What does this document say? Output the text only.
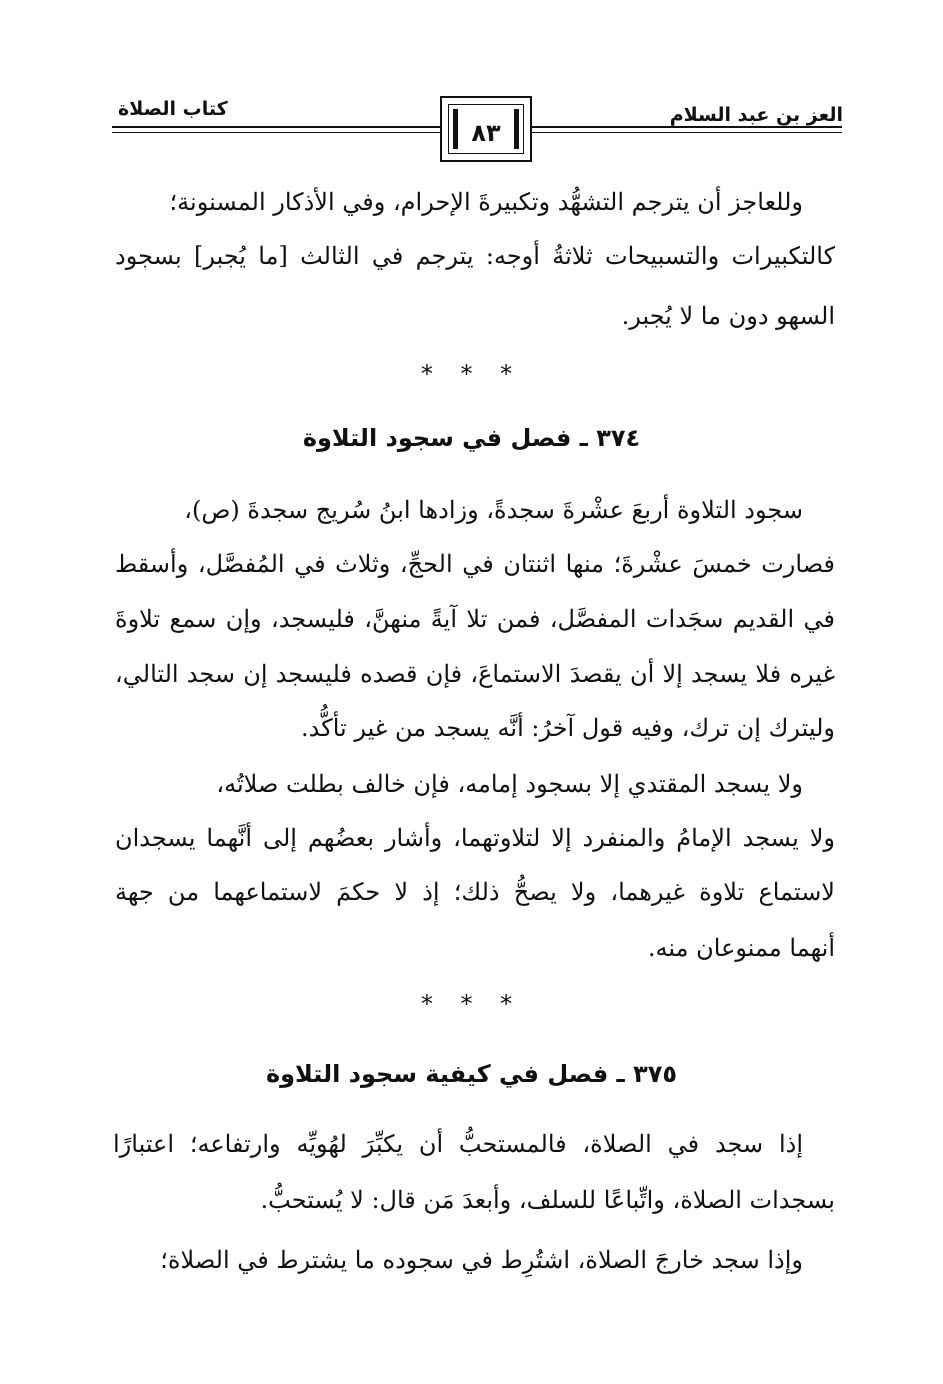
العز بن عبد السلام
كتاب الصلاة
٨٣
وللعاجز أن يترجم التشهُّد وتكبيرةَ الإحرام، وفي الأذكار المسنونة؛
كالتكبيرات والتسبيحات ثلاثةُ أوجه: يترجم في الثالث [ما يُجبر] بسجود
السهو دون ما لا يُجبر.
* * *
٣٧٤ ـ فصل في سجود التلاوة
سجود التلاوة أربعَ عشْرةَ سجدةً، وزادها ابنُ سُريج سجدةَ (ص)،
فصارت خمسَ عشْرةَ؛ منها اثنتان في الحجِّ، وثلاث في المُفصَّل، وأسقط
في القديم سجَدات المفصَّل، فمن تلا آيةً منهنَّ، فليسجد، وإن سمع تلاوةَ
غيره فلا يسجد إلا أن يقصدَ الاستماعَ، فإن قصده فليسجد إن سجد التالي،
وليترك إن ترك، وفيه قول آخرُ: أنَّه يسجد من غير تأكُّد.
ولا يسجد المقتدي إلا بسجود إمامه، فإن خالف بطلت صلاتُه،
ولا يسجد الإمامُ والمنفرد إلا لتلاوتهما، وأشار بعضُهم إلى أنَّهما يسجدان
لاستماع تلاوة غيرهما، ولا يصحُّ ذلك؛ إذ لا حكمَ لاستماعهما من جهة
أنهما ممنوعان منه.
* * *
٣٧٥ ـ فصل في كيفية سجود التلاوة
إذا سجد في الصلاة، فالمستحبُّ أن يكبِّرَ لهُويِّه وارتفاعه؛ اعتبارًا
بسجدات الصلاة، واتِّباعًا للسلف، وأبعدَ مَن قال: لا يُستحبُّ.
وإذا سجد خارجَ الصلاة، اشتُرِط في سجوده ما يشترط في الصلاة؛
